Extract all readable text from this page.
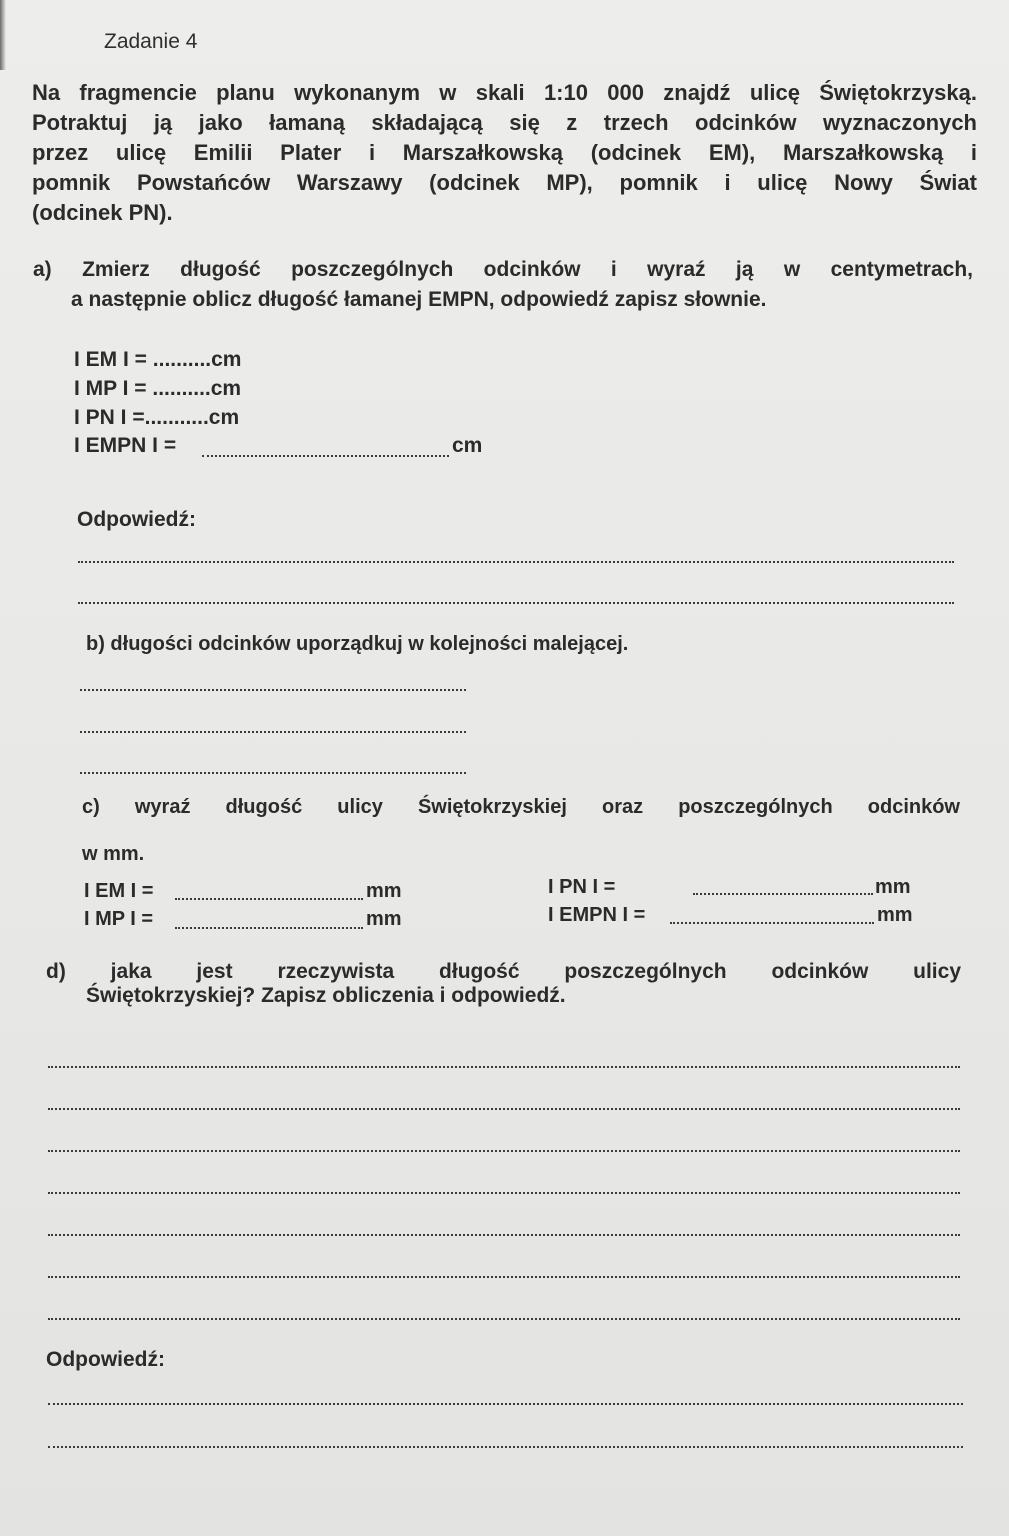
Zadanie 4
Na fragmencie planu wykonanym w skali 1:10 000 znajdź ulicę Świętokrzyską.
Potraktuj ją jako łamaną składającą się z trzech odcinków wyznaczonych
przez ulicę Emilii Plater i Marszałkowską (odcinek EM), Marszałkowską i
pomnik Powstańców Warszawy (odcinek MP), pomnik i ulicę Nowy Świat
(odcinek PN).
a) Zmierz długość poszczególnych odcinków i wyraź ją w centymetrach,
a następnie oblicz długość łamanej EMPN, odpowiedź zapisz słownie.
I EM I = ..........cm
I MP I = ..........cm
I PN I =...........cm
I EMPN I =	cm
Odpowiedź:
b) długości odcinków uporządkuj w kolejności malejącej.
c) wyraź długość ulicy Świętokrzyskiej oraz poszczególnych odcinków
w mm.
I EM I =	mm
I MP I =	mm
I PN I =	mm
I EMPN I =	mm
d) jaka jest rzeczywista długość poszczególnych odcinków ulicy
Świętokrzyskiej? Zapisz obliczenia i odpowiedź.
Odpowiedź:
